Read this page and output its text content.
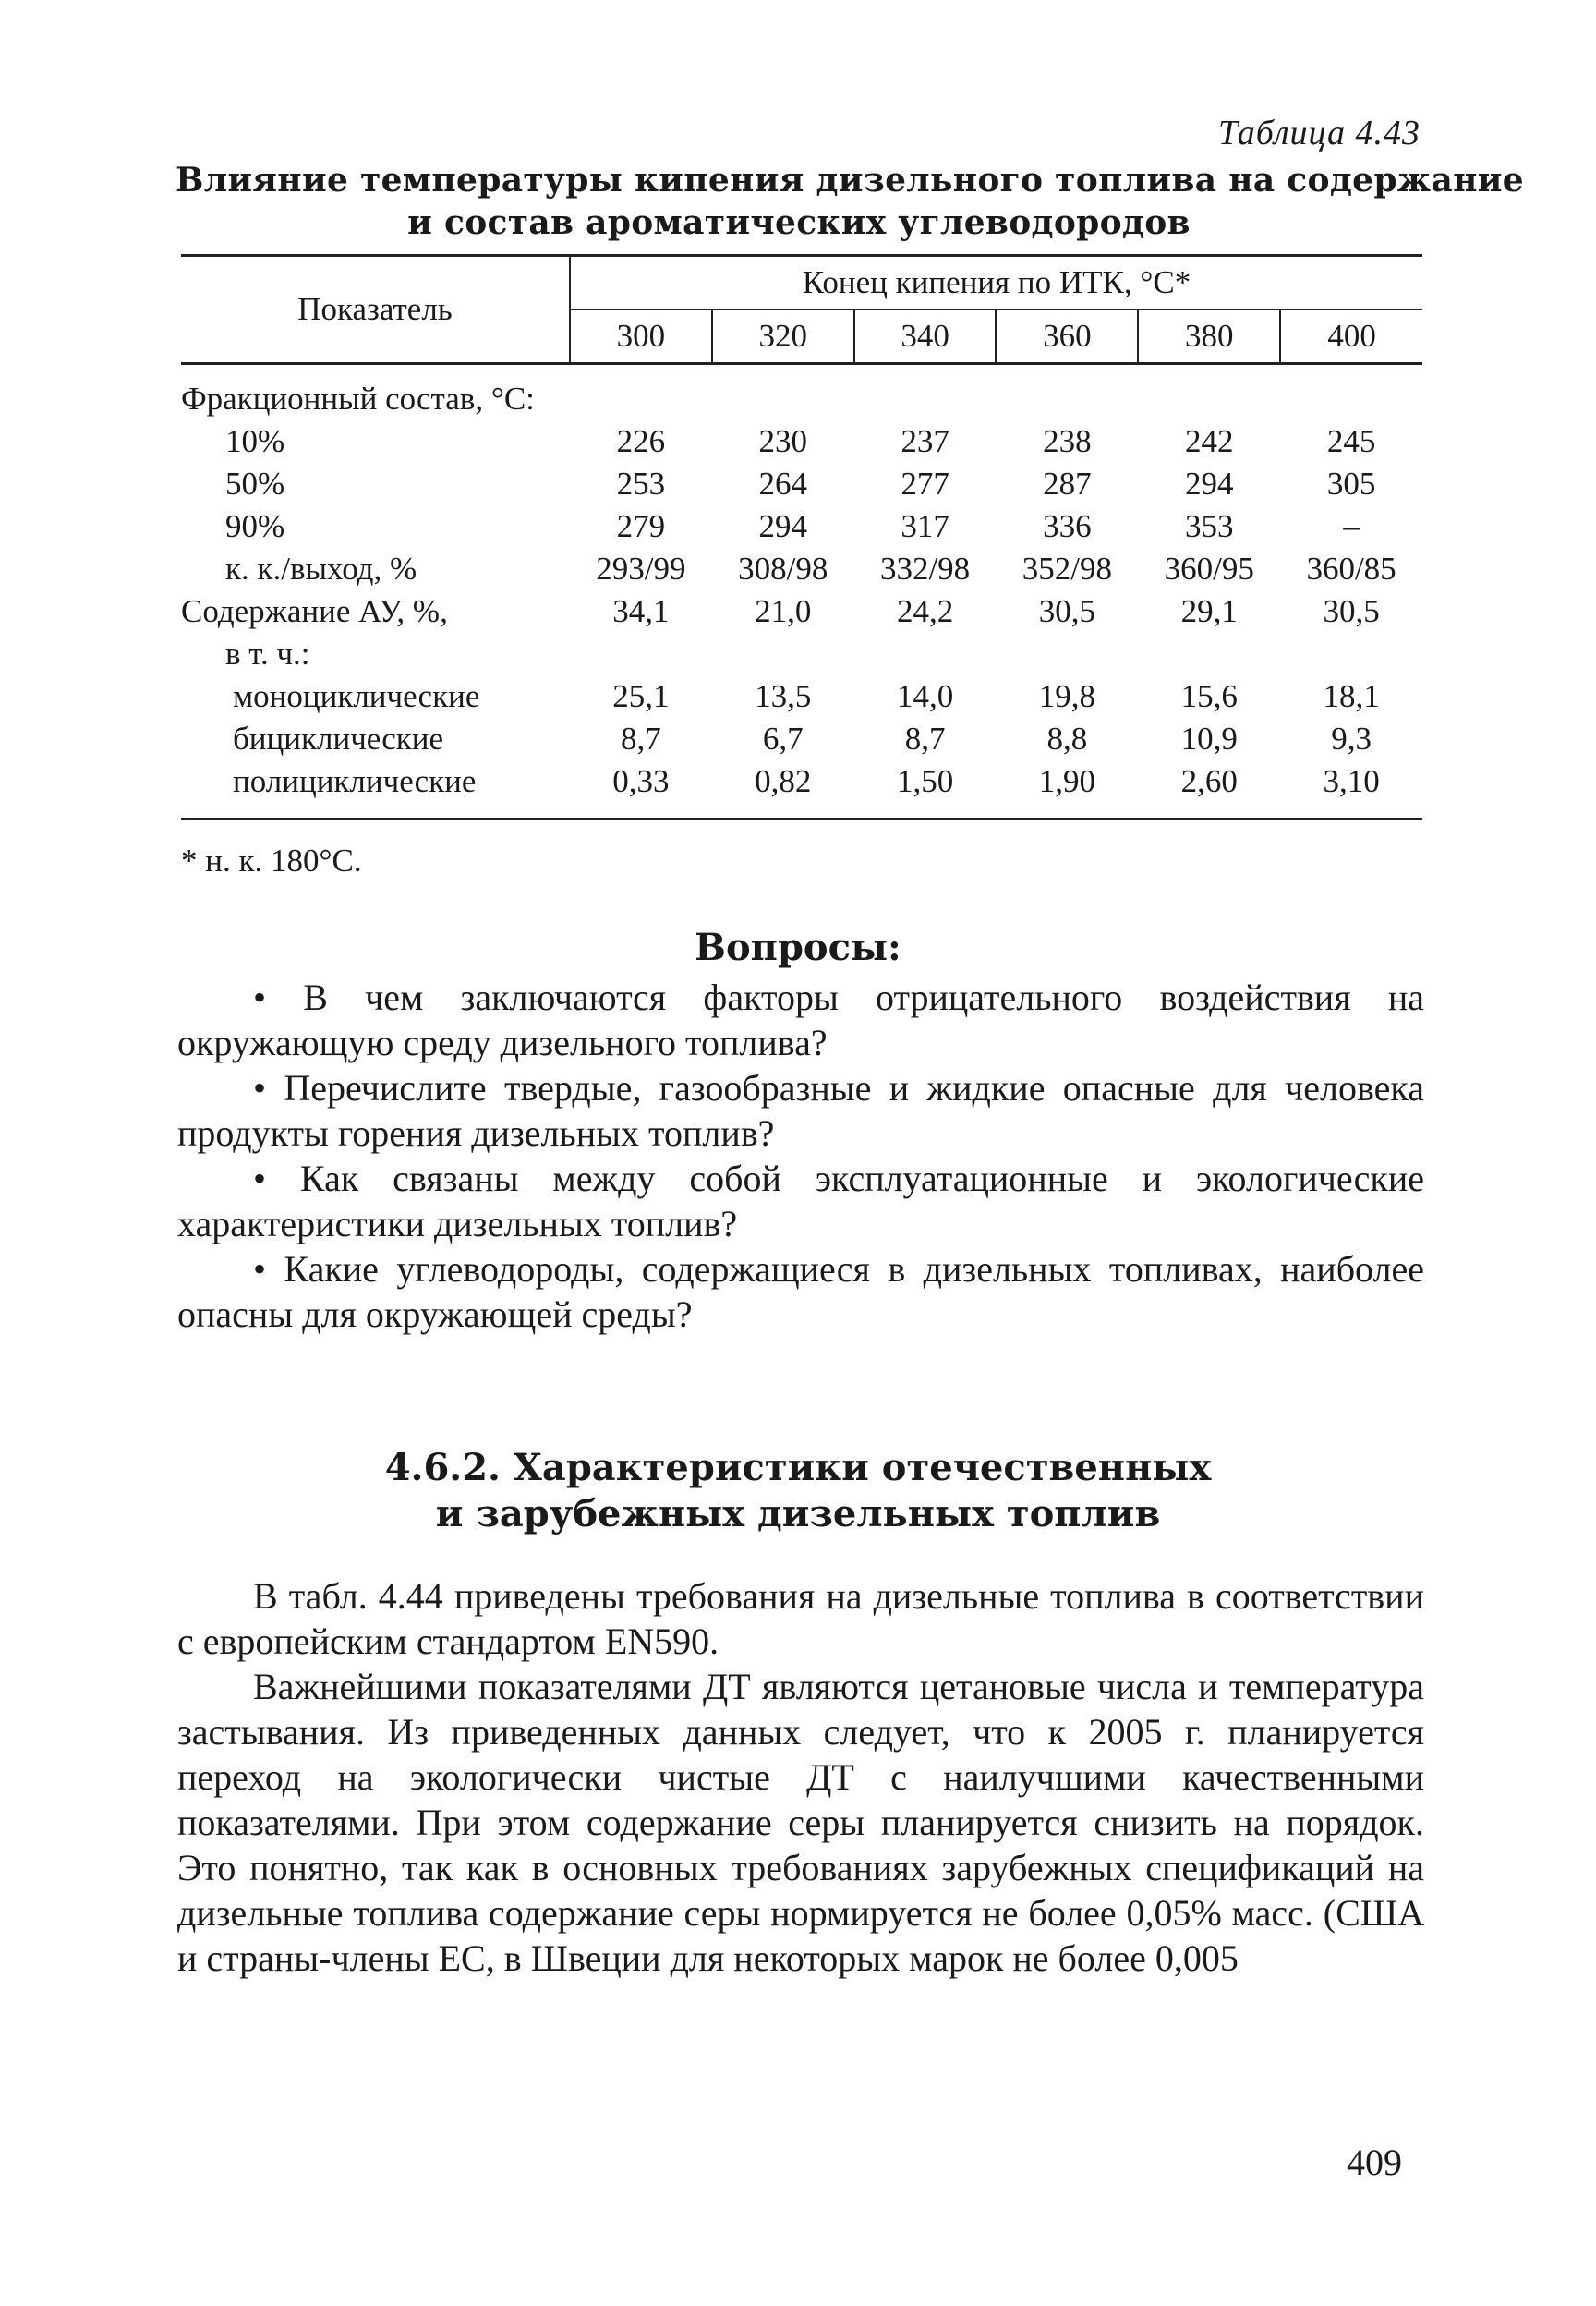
Таблица 4.43
Влияние температуры кипения дизельного топлива на содержание
и состав ароматических углеводородов
Показатель	Конец кипения по ИТК, °С*					
	300	320	340	360	380	400
Фракционный состав, °С:						
10%	226	230	237	238	242	245
50%	253	264	277	287	294	305
90%	279	294	317	336	353	–
к. к./выход, %	293/99	308/98	332/98	352/98	360/95	360/85
Содержание АУ, %,	34,1	21,0	24,2	30,5	29,1	30,5
в т. ч.:						
моноциклические	25,1	13,5	14,0	19,8	15,6	18,1
бициклические	8,7	6,7	8,7	8,8	10,9	9,3
полициклические	0,33	0,82	1,50	1,90	2,60	3,10
* н. к. 180°С.
Вопросы:
• В чем заключаются факторы отрицательного воздействия на окружающую среду дизельного топлива?
• Перечислите твердые, газообразные и жидкие опасные для человека продукты горения дизельных топлив?
• Как связаны между собой эксплуатационные и экологические характеристики дизельных топлив?
• Какие углеводороды, содержащиеся в дизельных топливах, наиболее опасны для окружающей среды?
4.6.2. Характеристики отечественных
и зарубежных дизельных топлив

В табл. 4.44 приведены требования на дизельные топлива в соответствии с европейским стандартом EN590.

Важнейшими показателями ДТ являются цетановые числа и температура застывания. Из приведенных данных следует, что к 2005 г. планируется переход на экологически чистые ДТ с наилучшими качественными показателями. При этом содержание серы планируется снизить на порядок. Это понятно, так как в основных требованиях зарубежных спецификаций на дизельные топлива содержание серы нормируется не более 0,05% масс. (США и страны-члены ЕС, в Швеции для некоторых марок не более 0,005

409
